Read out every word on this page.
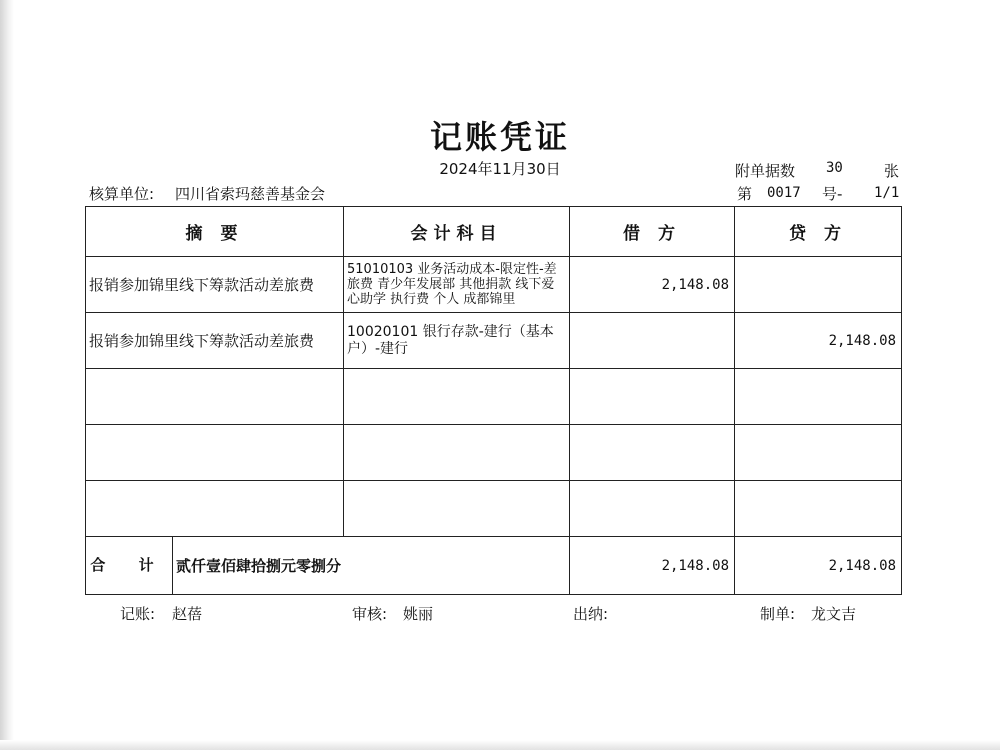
记账凭证
2024年11月30日	附单据数 30	张
核算单位: 四川省索玛慈善基金会	第 0017 号- 1/1
摘 要	会计科目	借 方	贷 方
报销参加锦里线下筹款活动差旅费	51010103 业务活动成本-限定性-差旅费 青少年发展部 其他捐款 线下爱心助学 执行费 个人 成都锦里	2,148.08	
报销参加锦里线下筹款活动差旅费	10020101 银行存款-建行（基本户）-建行		2,148.08

合 计 贰仟壹佰肆拾捌元零捌分		2,148.08	2,148.08
记账: 赵蓓	审核: 姚丽	出纳:	制单: 龙文吉
